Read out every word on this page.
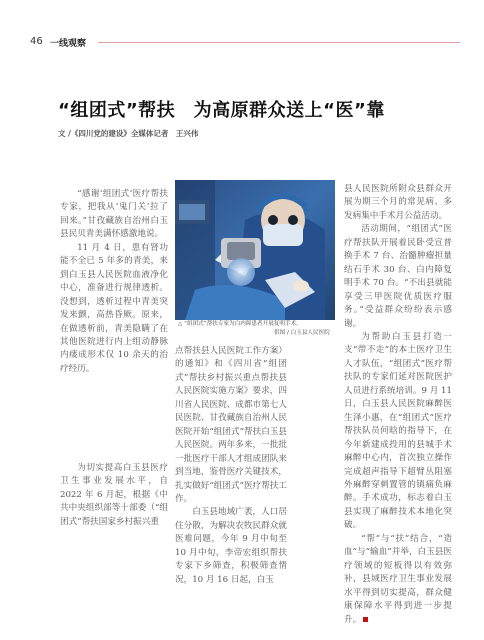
46 一线观察
“组团式”帮扶　为高原群众送上“医”靠
文 /《四川党的建设》全媒体记者　王兴伟

“感谢‘组团式’医疗帮扶专家，把我从‘鬼门关’拉了回来。”甘孜藏族自治州白玉县民贝青美满怀感激地说。

11 月 4 日，患有肾功能不全已 5 年多的青美，来到白玉县人民医院血液净化中心，准备进行规律透析。没想到，透析过程中青美突发来颤，高热昏厥。原来，在做透析前，青美隐瞒了在其他医院进行内上组动静脉内瘘成形术仅 10 余天的治疗经历。

为切实提高白玉县医疗卫生事业发展水平，自 2022 年 6 月起，根据《中共中央组织部等十部委（“组团式”帮扶国家乡村振兴重

△ “组团式”帮扶专家为白内障患者开展复明手术。
供图 / 白玉县人民医院

点帮扶县人民医院工作方案）的通知》和《四川省“组团式”帮扶乡村振兴重点帮扶县人民医院实施方案》要求，四川省人民医院、成都市第七人民医院、甘孜藏族自治州人民医院开始“组团式”帮扶白玉县人民医院。两年多来，一批批一批医疗干部人才组成团队来到当地，鉴骨医疗关键技术，扎实做好“组团式”医疗帮扶工作。

白玉县地域广袤，人口居住分散，为解决农牧民群众就医难问题，今年 9 月中旬至 10 月中旬，李帝宏组织帮扶专家下乡筛查，积极筛查情况，10 月 16 日起，白玉

县人民医院所附众县群众开展为期三个月的常见病、多发病集中手术月公益活动。

活动期间，“组团式”医疗帮扶队开展着民卧受宣普换手术 7 台、治髓肿瘤担量结石手术 30 台、白内障复明手术 70 台。“不出县就能享受三甲医院优质医疗服务。”受益群众纷纷表示感谢。

为帮助白玉县打造一支“带不走”的本土医疗卫生人才队伍，“组团式”医疗帮扶队的专家们延对医院医护人员进行系统培训。9 月 11 日，白玉县人民医院麻醉医生泽小惠，在“组团式”医疗帮扶队员何晗的指导下，在今年新建成投用的县城手术麻醉中心内，首次独立操作完成超声指导下超臂丛阻塞外麻醉穿刺置管的镇痛负麻醉。手术成功，标志着白玉县实现了麻醉技术本地化突破。

“帮”与“扶”结合，“造血”与“输血”并举，白玉县医疗领域的短板得以有效弥补，县域医疗卫生事业发展水平得到切实提高，群众健康保障水平得到进一步提升。
